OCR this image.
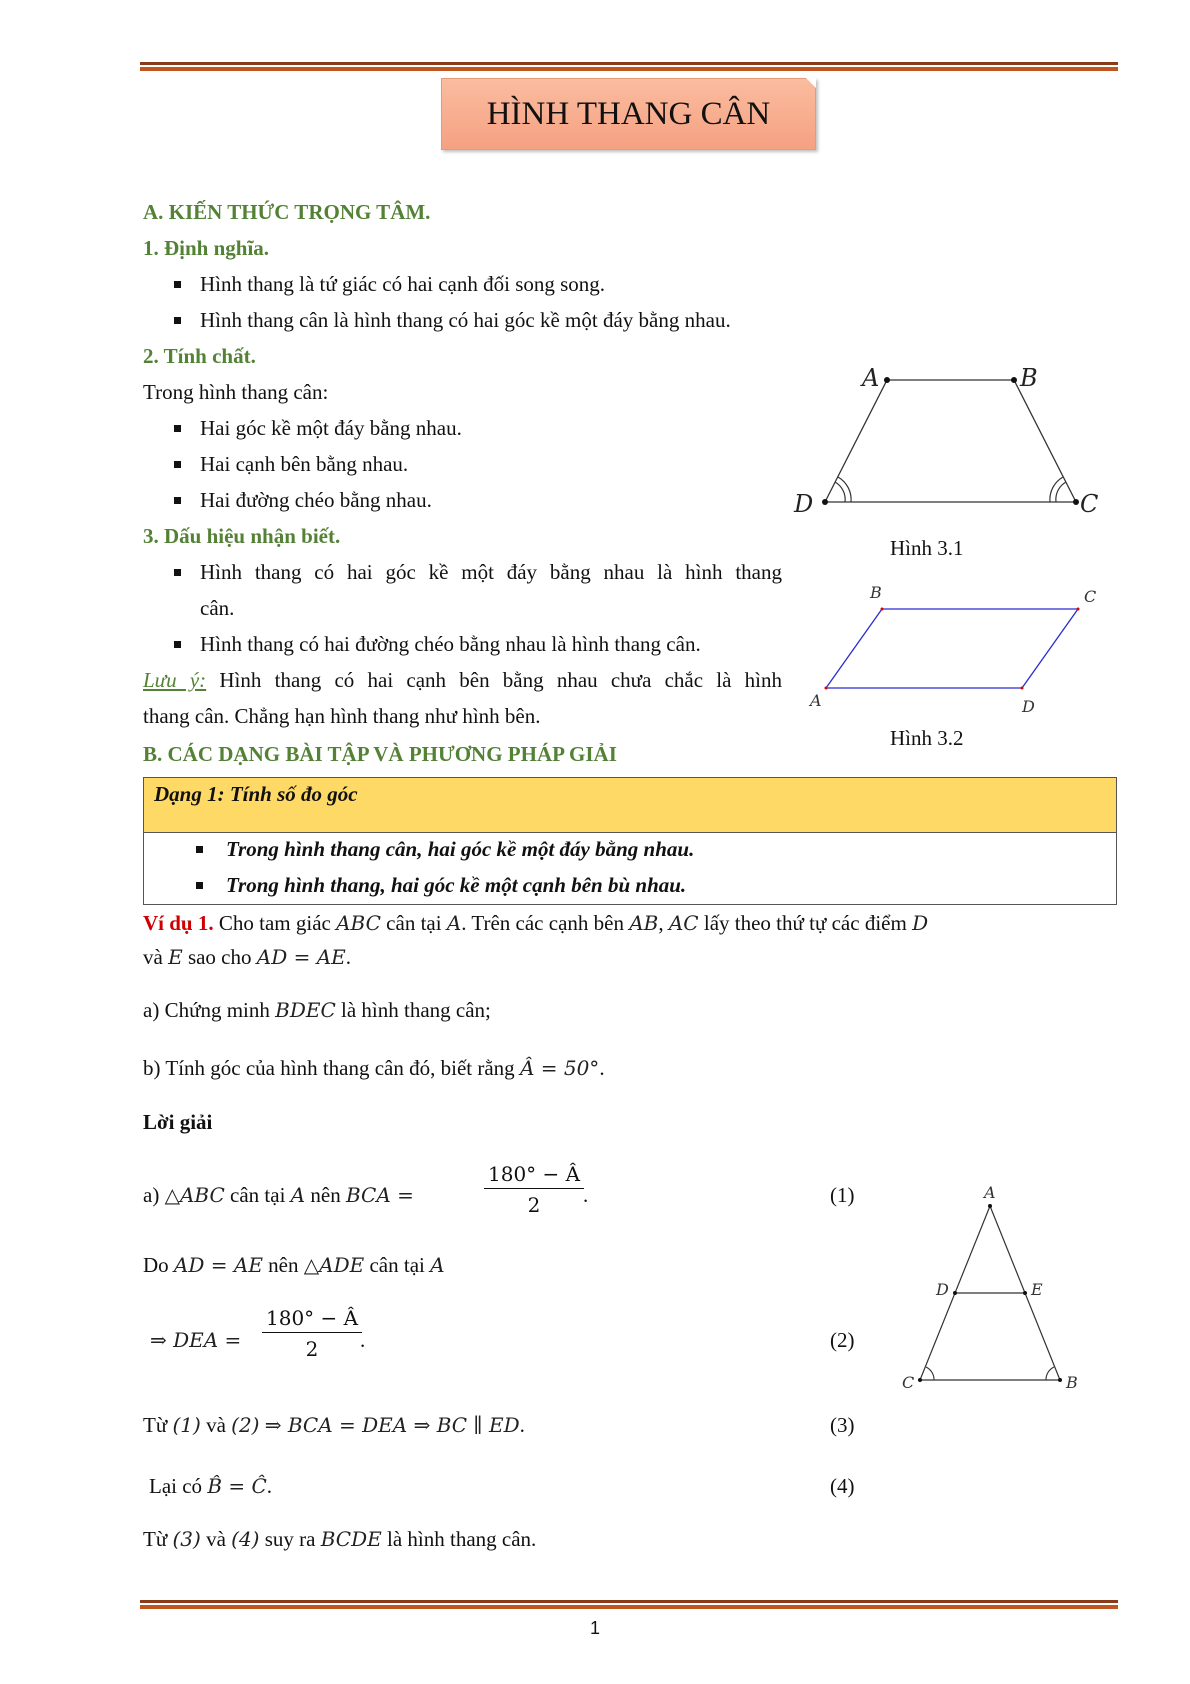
HÌNH THANG CÂN
A. KIẾN THỨC TRỌNG TÂM.
1. Định nghĩa.
Hình thang là tứ giác có hai cạnh đối song song.
Hình thang cân là hình thang có hai góc kề một đáy bằng nhau.
2. Tính chất.
Trong hình thang cân:
Hai góc kề một đáy bằng nhau.
Hai cạnh bên bằng nhau.
Hai đường chéo bằng nhau.
3. Dấu hiệu nhận biết.
Hình thang có hai góc kề một đáy bằng nhau là hình thang
cân.
Hình thang có hai đường chéo bằng nhau là hình thang cân.
Lưu ý: Hình thang có hai cạnh bên bằng nhau chưa chắc là hình
thang cân. Chẳng hạn hình thang như hình bên.
A	B
C
D
Hình 3.1
A
B	C
D
Hình 3.2
B. CÁC DẠNG BÀI TẬP VÀ PHƯƠNG PHÁP GIẢI
Dạng 1: Tính số đo góc
Trong hình thang cân, hai góc kề một đáy bằng nhau.
Trong hình thang, hai góc kề một cạnh bên bù nhau.
Ví dụ 1. Cho tam giác ABC cân tại A. Trên các cạnh bên AB, AC lấy theo thứ tự các điểm D
và E sao cho AD = AE.
a) Chứng minh BDEC là hình thang cân;
b) Tính góc của hình thang cân đó, biết rằng Â = 50°.
Lời giải
a) △ABC cân tại A nên BCA =	$\frac{180^\circ - Â}{2}$
.	(1)
Do AD = AE nên △ADE cân tại A
⇒ DEA = $\frac{180^\circ - Â}{2}$
.	(2)
Từ (1) và (2) ⇒ BCA = DEA ⇒ BC ∥ ED.	(3)
Lại có B̂ = Ĉ.	(4)
Từ (3) và (4) suy ra BCDE là hình thang cân.
A
D	E
C	B
1
